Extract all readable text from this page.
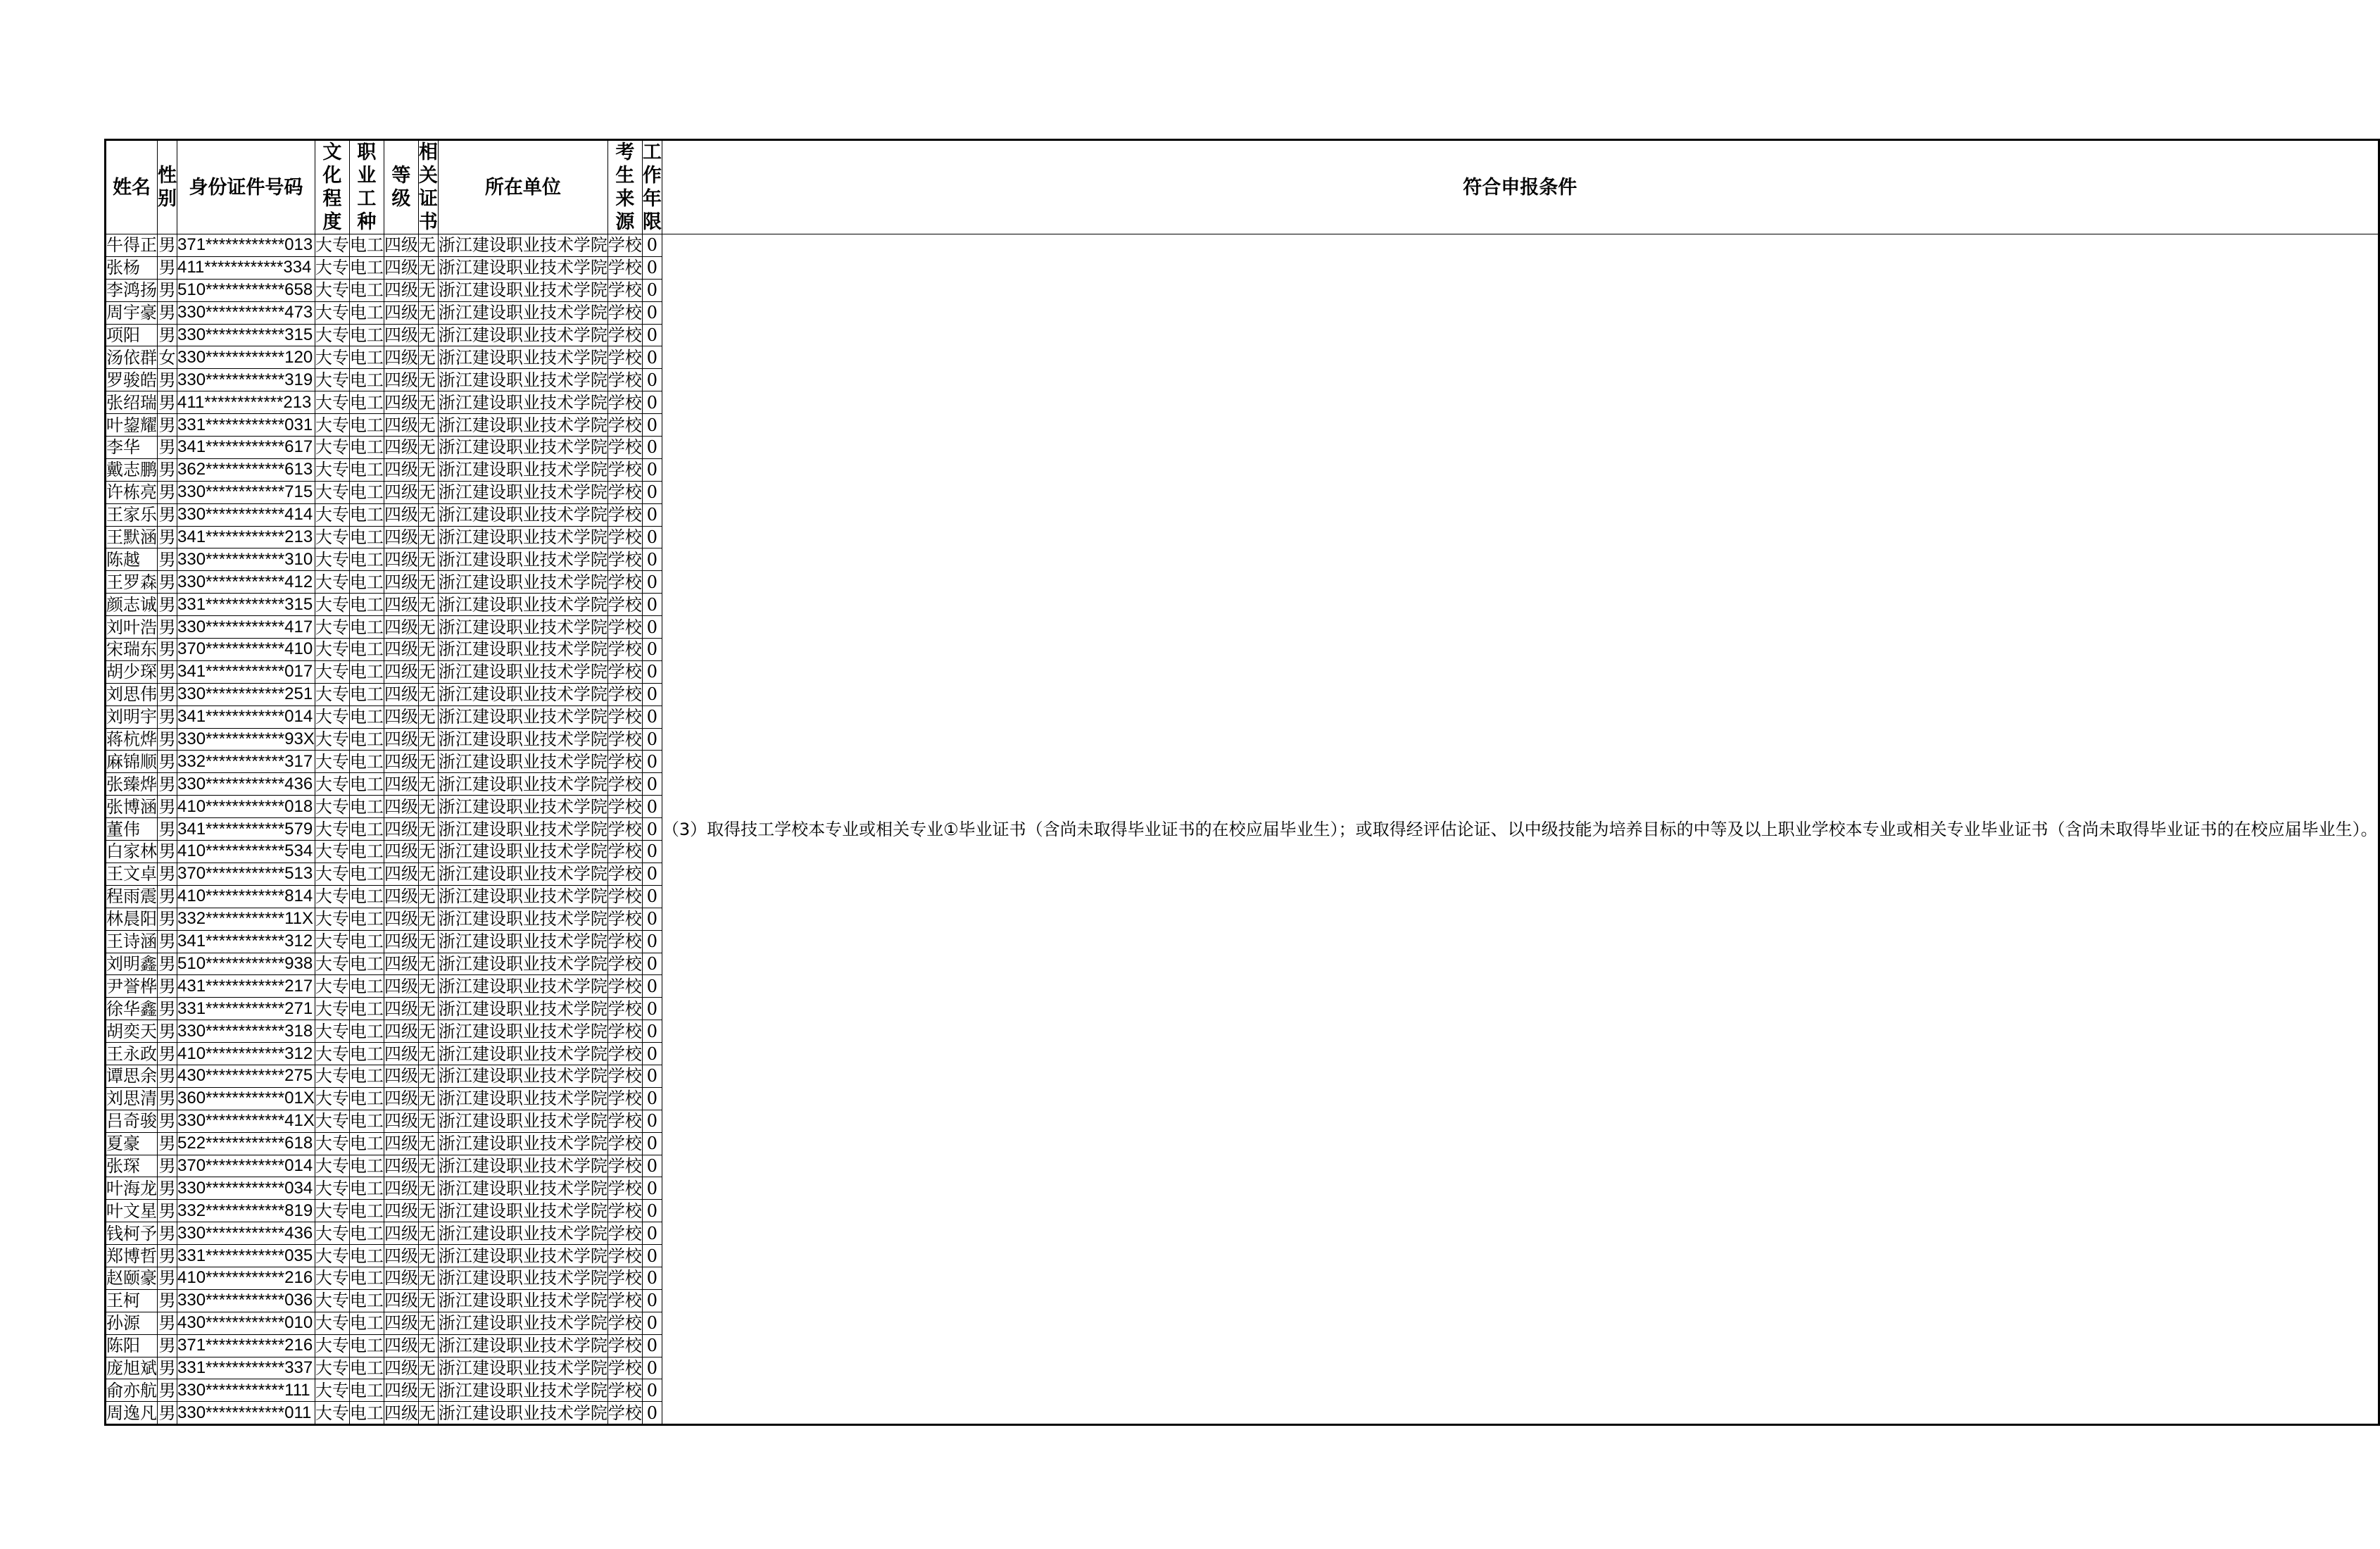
姓名	性别	身份证件号码	文化程度	职业工种	等级	相关证书	所在单位	考生来源	工作年限	符合申报条件
牛得正	男	371************013	大专	电工	四级	无	浙江建设职业技术学院	学校	0	（3）取得技工学校本专业或相关专业①毕业证书（含尚未取得毕业证书的在校应届毕业生）；或取得经评估论证、以中级技能为培养目标的中等及以上职业学校本专业或相关专业毕业证书（含尚未取得毕业证书的在校应届毕业生）。
张杨	男	411************334	大专	电工	四级	无	浙江建设职业技术学院	学校	0	
李鸿扬	男	510************658	大专	电工	四级	无	浙江建设职业技术学院	学校	0	
周宇豪	男	330************473	大专	电工	四级	无	浙江建设职业技术学院	学校	0	
项阳	男	330************315	大专	电工	四级	无	浙江建设职业技术学院	学校	0	
汤依群	女	330************120	大专	电工	四级	无	浙江建设职业技术学院	学校	0	
罗骏皓	男	330************319	大专	电工	四级	无	浙江建设职业技术学院	学校	0	
张绍瑞	男	411************213	大专	电工	四级	无	浙江建设职业技术学院	学校	0	
叶鋆耀	男	331************031	大专	电工	四级	无	浙江建设职业技术学院	学校	0	
李华	男	341************617	大专	电工	四级	无	浙江建设职业技术学院	学校	0	
戴志鹏	男	362************613	大专	电工	四级	无	浙江建设职业技术学院	学校	0	
许栋亮	男	330************715	大专	电工	四级	无	浙江建设职业技术学院	学校	0	
王家乐	男	330************414	大专	电工	四级	无	浙江建设职业技术学院	学校	0	
王默涵	男	341************213	大专	电工	四级	无	浙江建设职业技术学院	学校	0	
陈越	男	330************310	大专	电工	四级	无	浙江建设职业技术学院	学校	0	
王罗森	男	330************412	大专	电工	四级	无	浙江建设职业技术学院	学校	0	
颜志诚	男	331************315	大专	电工	四级	无	浙江建设职业技术学院	学校	0	
刘叶浩	男	330************417	大专	电工	四级	无	浙江建设职业技术学院	学校	0	
宋瑞东	男	370************410	大专	电工	四级	无	浙江建设职业技术学院	学校	0	
胡少琛	男	341************017	大专	电工	四级	无	浙江建设职业技术学院	学校	0	
刘思伟	男	330************251	大专	电工	四级	无	浙江建设职业技术学院	学校	0	
刘明宇	男	341************014	大专	电工	四级	无	浙江建设职业技术学院	学校	0	
蒋杭烨	男	330************93X	大专	电工	四级	无	浙江建设职业技术学院	学校	0	
麻锦顺	男	332************317	大专	电工	四级	无	浙江建设职业技术学院	学校	0	
张臻烨	男	330************436	大专	电工	四级	无	浙江建设职业技术学院	学校	0	
张博涵	男	410************018	大专	电工	四级	无	浙江建设职业技术学院	学校	0	
董伟	男	341************579	大专	电工	四级	无	浙江建设职业技术学院	学校	0	
白家林	男	410************534	大专	电工	四级	无	浙江建设职业技术学院	学校	0	
王文卓	男	370************513	大专	电工	四级	无	浙江建设职业技术学院	学校	0	
程雨震	男	410************814	大专	电工	四级	无	浙江建设职业技术学院	学校	0	
林晨阳	男	332************11X	大专	电工	四级	无	浙江建设职业技术学院	学校	0	
王诗涵	男	341************312	大专	电工	四级	无	浙江建设职业技术学院	学校	0	
刘明鑫	男	510************938	大专	电工	四级	无	浙江建设职业技术学院	学校	0	
尹誉桦	男	431************217	大专	电工	四级	无	浙江建设职业技术学院	学校	0	
徐华鑫	男	331************271	大专	电工	四级	无	浙江建设职业技术学院	学校	0	
胡奕天	男	330************318	大专	电工	四级	无	浙江建设职业技术学院	学校	0	
王永政	男	410************312	大专	电工	四级	无	浙江建设职业技术学院	学校	0	
谭思余	男	430************275	大专	电工	四级	无	浙江建设职业技术学院	学校	0	
刘思清	男	360************01X	大专	电工	四级	无	浙江建设职业技术学院	学校	0	
吕奇骏	男	330************41X	大专	电工	四级	无	浙江建设职业技术学院	学校	0	
夏豪	男	522************618	大专	电工	四级	无	浙江建设职业技术学院	学校	0	
张琛	男	370************014	大专	电工	四级	无	浙江建设职业技术学院	学校	0	
叶海龙	男	330************034	大专	电工	四级	无	浙江建设职业技术学院	学校	0	
叶文星	男	332************819	大专	电工	四级	无	浙江建设职业技术学院	学校	0	
钱柯予	男	330************436	大专	电工	四级	无	浙江建设职业技术学院	学校	0	
郑博哲	男	331************035	大专	电工	四级	无	浙江建设职业技术学院	学校	0	
赵颐豪	男	410************216	大专	电工	四级	无	浙江建设职业技术学院	学校	0	
王柯	男	330************036	大专	电工	四级	无	浙江建设职业技术学院	学校	0	
孙源	男	430************010	大专	电工	四级	无	浙江建设职业技术学院	学校	0	
陈阳	男	371************216	大专	电工	四级	无	浙江建设职业技术学院	学校	0	
庞旭斌	男	331************337	大专	电工	四级	无	浙江建设职业技术学院	学校	0	
俞亦航	男	330************111	大专	电工	四级	无	浙江建设职业技术学院	学校	0	
周逸凡	男	330************011	大专	电工	四级	无	浙江建设职业技术学院	学校	0	
